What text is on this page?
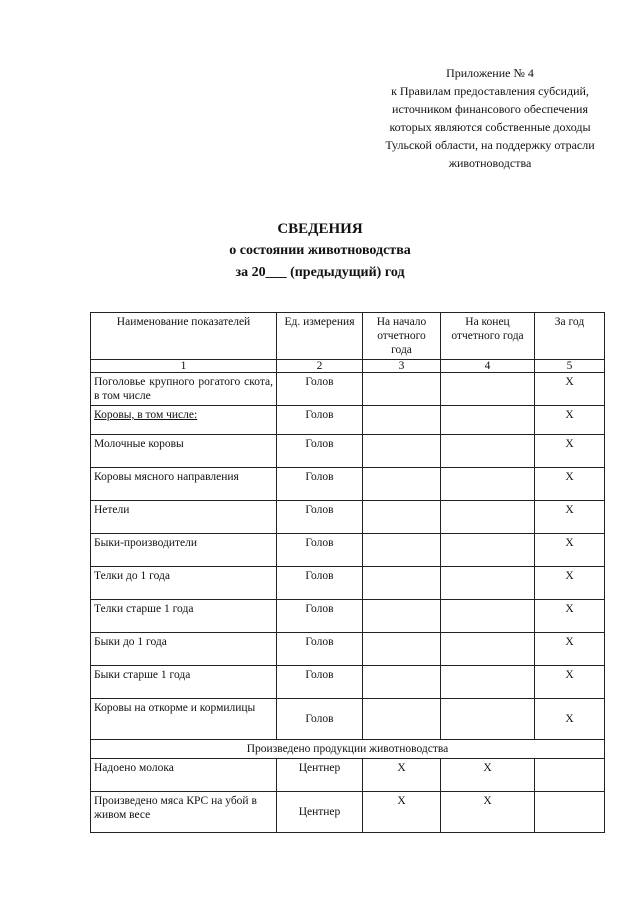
Приложение № 4
к Правилам предоставления субсидий,
источником финансового обеспечения
которых являются собственные доходы
Тульской области, на поддержку отрасли
животноводства
СВЕДЕНИЯ
о состоянии животноводства
за 20___ (предыдущий) год
Наименование показателей	Ед. измерения	На начало отчетного года	На конец отчетного года	За год
1	2	3	4	5
Поголовье крупного рогатого скота, в том числе	Голов			Х
Коровы, в том числе:	Голов			Х
Молочные коровы	Голов			Х
Коровы мясного направления	Голов			Х
Нетели	Голов			Х
Быки-производители	Голов			Х
Телки до 1 года	Голов			Х
Телки старше 1 года	Голов			Х
Быки до 1 года	Голов			Х
Быки старше 1 года	Голов			Х
Коровы на откорме и кормилицы	Голов			Х
Произведено продукции животноводства				
Надоено молока	Центнер	Х	Х	
Произведено мяса КРС на убой в живом весе	Центнер	Х	Х	
